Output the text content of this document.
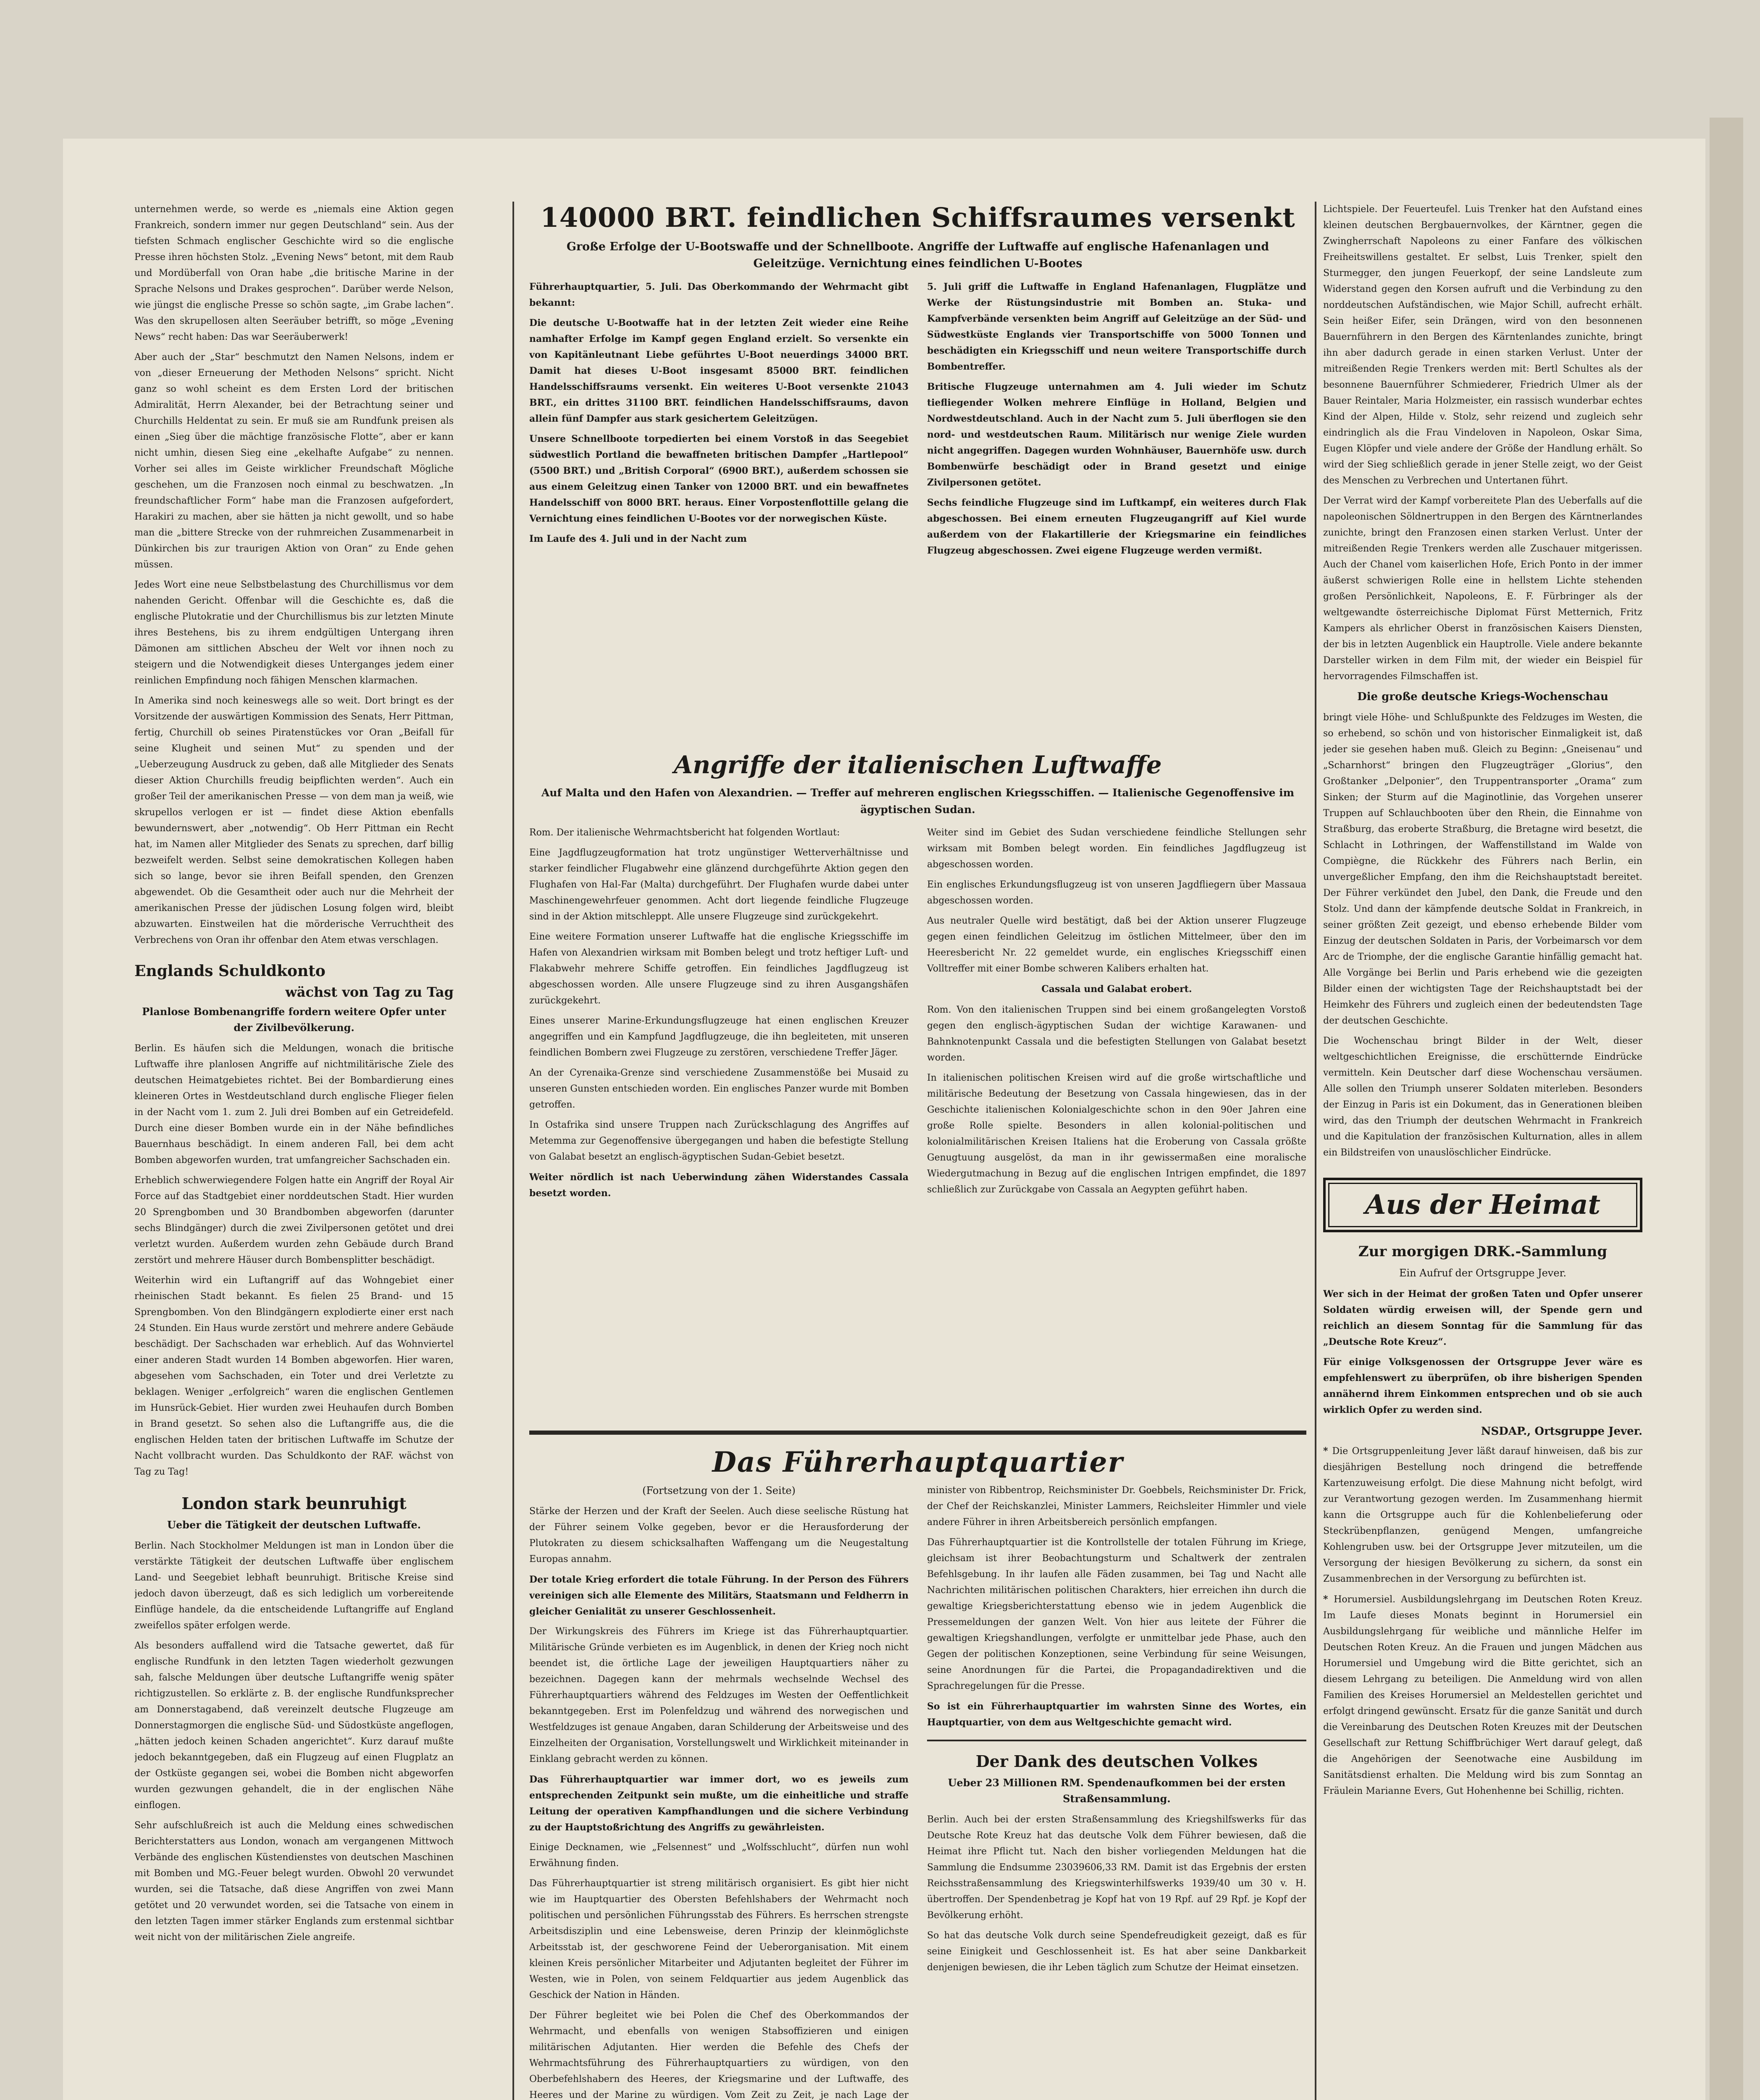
unternehmen werde, so werde es „niemals eine Aktion gegen Frankreich, sondern immer nur gegen Deutschland“ sein. Aus der tiefsten Schmach englischer Geschichte wird so die englische Presse ihren höchsten Stolz. „Evening News“ betont, mit dem Raub und Mordüberfall von Oran habe „die britische Marine in der Sprache Nelsons und Drakes gesprochen“. Darüber werde Nelson, wie jüngst die englische Presse so schön sagte, „im Grabe lachen“. Was den skrupellosen alten Seeräuber betrifft, so möge „Evening News“ recht haben: Das war Seeräuberwerk!

Aber auch der „Star“ beschmutzt den Namen Nelsons, indem er von „dieser Erneuerung der Methoden Nelsons“ spricht. Nicht ganz so wohl scheint es dem Ersten Lord der britischen Admiralität, Herrn Alexander, bei der Betrachtung seiner und Churchills Heldentat zu sein. Er muß sie am Rundfunk preisen als einen „Sieg über die mächtige französische Flotte“, aber er kann nicht umhin, diesen Sieg eine „ekelhafte Aufgabe“ zu nennen. Vorher sei alles im Geiste wirklicher Freundschaft Mögliche geschehen, um die Franzosen noch einmal zu beschwatzen. „In freundschaftlicher Form“ habe man die Franzosen aufgefordert, Harakiri zu machen, aber sie hätten ja nicht gewollt, und so habe man die „bittere Strecke von der ruhmreichen Zusammenarbeit in Dünkirchen bis zur traurigen Aktion von Oran“ zu Ende gehen müssen.

Jedes Wort eine neue Selbstbelastung des Churchillismus vor dem nahenden Gericht. Offenbar will die Geschichte es, daß die englische Plutokratie und der Churchillismus bis zur letzten Minute ihres Bestehens, bis zu ihrem endgültigen Untergang ihren Dämonen am sittlichen Abscheu der Welt vor ihnen noch zu steigern und die Notwendigkeit dieses Unterganges jedem einer reinlichen Empfindung noch fähigen Menschen klarmachen.

In Amerika sind noch keineswegs alle so weit. Dort bringt es der Vorsitzende der auswärtigen Kommission des Senats, Herr Pittman, fertig, Churchill ob seines Piratenstückes vor Oran „Beifall für seine Klugheit und seinen Mut“ zu spenden und der „Ueberzeugung Ausdruck zu geben, daß alle Mitglieder des Senats dieser Aktion Churchills freudig beipflichten werden“. Auch ein großer Teil der amerikanischen Presse — von dem man ja weiß, wie skrupellos verlogen er ist — findet diese Aktion ebenfalls bewundernswert, aber „notwendig“. Ob Herr Pittman ein Recht hat, im Namen aller Mitglieder des Senats zu sprechen, darf billig bezweifelt werden. Selbst seine demokratischen Kollegen haben sich so lange, bevor sie ihren Beifall spenden, den Grenzen abgewendet. Ob die Gesamtheit oder auch nur die Mehrheit der amerikanischen Presse der jüdischen Losung folgen wird, bleibt abzuwarten. Einstweilen hat die mörderische Verruchtheit des Verbrechens von Oran ihr offenbar den Atem etwas verschlagen.

Englands Schuldkonto
wächst von Tag zu Tag
Planlose Bombenangriffe fordern weitere Opfer unter der Zivilbevölkerung.

Berlin. Es häufen sich die Meldungen, wonach die britische Luftwaffe ihre planlosen Angriffe auf nichtmilitärische Ziele des deutschen Heimatgebietes richtet. Bei der Bombardierung eines kleineren Ortes in Westdeutschland durch englische Flieger fielen in der Nacht vom 1. zum 2. Juli drei Bomben auf ein Getreidefeld. Durch eine dieser Bomben wurde ein in der Nähe befindliches Bauernhaus beschädigt. In einem anderen Fall, bei dem acht Bomben abgeworfen wurden, trat umfangreicher Sachschaden ein.

Erheblich schwerwiegendere Folgen hatte ein Angriff der Royal Air Force auf das Stadtgebiet einer norddeutschen Stadt. Hier wurden 20 Sprengbomben und 30 Brandbomben abgeworfen (darunter sechs Blindgänger) durch die zwei Zivilpersonen getötet und drei verletzt wurden. Außerdem wurden zehn Gebäude durch Brand zerstört und mehrere Häuser durch Bombensplitter beschädigt.

Weiterhin wird ein Luftangriff auf das Wohngebiet einer rheinischen Stadt bekannt. Es fielen 25 Brand- und 15 Sprengbomben. Von den Blindgängern explodierte einer erst nach 24 Stunden. Ein Haus wurde zerstört und mehrere andere Gebäude beschädigt. Der Sachschaden war erheblich. Auf das Wohnviertel einer anderen Stadt wurden 14 Bomben abgeworfen. Hier waren, abgesehen vom Sachschaden, ein Toter und drei Verletzte zu beklagen. Weniger „erfolgreich“ waren die englischen Gentlemen im Hunsrück-Gebiet. Hier wurden zwei Heuhaufen durch Bomben in Brand gesetzt. So sehen also die Luftangriffe aus, die die englischen Helden taten der britischen Luftwaffe im Schutze der Nacht vollbracht wurden. Das Schuldkonto der RAF. wächst von Tag zu Tag!

London stark beunruhigt
Ueber die Tätigkeit der deutschen Luftwaffe.

Berlin. Nach Stockholmer Meldungen ist man in London über die verstärkte Tätigkeit der deutschen Luftwaffe über englischem Land- und Seegebiet lebhaft beunruhigt. Britische Kreise sind jedoch davon überzeugt, daß es sich lediglich um vorbereitende Einflüge handele, da die entscheidende Luftangriffe auf England zweifellos später erfolgen werde.

Als besonders auffallend wird die Tatsache gewertet, daß für englische Rundfunk in den letzten Tagen wiederholt gezwungen sah, falsche Meldungen über deutsche Luftangriffe wenig später richtigzustellen. So erklärte z. B. der englische Rundfunksprecher am Donnerstagabend, daß vereinzelt deutsche Flugzeuge am Donnerstagmorgen die englische Süd- und Südostküste angeflogen, „hätten jedoch keinen Schaden angerichtet“. Kurz darauf mußte jedoch bekanntgegeben, daß ein Flugzeug auf einen Flugplatz an der Ostküste gegangen sei, wobei die Bomben nicht abgeworfen wurden gezwungen gehandelt, die in der englischen Nähe einflogen.

Sehr aufschlußreich ist auch die Meldung eines schwedischen Berichterstatters aus London, wonach am vergangenen Mittwoch Verbände des englischen Küstendienstes von deutschen Maschinen mit Bomben und MG.-Feuer belegt wurden. Obwohl 20 verwundet wurden, sei die Tatsache, daß diese Angriffen von zwei Mann getötet und 20 verwundet worden, sei die Tatsache von einem in den letzten Tagen immer stärker Englands zum erstenmal sichtbar weit nicht von der militärischen Ziele angreife.

140000 BRT. feindlichen Schiffsraumes versenkt
Große Erfolge der U-Bootswaffe und der Schnellboote. Angriffe der Luftwaffe auf englische Hafenanlagen und Geleitzüge. Vernichtung eines feindlichen U-Bootes

Führerhauptquartier, 5. Juli. Das Oberkommando der Wehrmacht gibt bekannt:

Die deutsche U-Bootwaffe hat in der letzten Zeit wieder eine Reihe namhafter Erfolge im Kampf gegen England erzielt. So versenkte ein von Kapitänleutnant Liebe geführtes U-Boot neuerdings 34000 BRT. Damit hat dieses U-Boot insgesamt 85000 BRT. feindlichen Handelsschiffsraums versenkt. Ein weiteres U-Boot versenkte 21043 BRT., ein drittes 31100 BRT. feindlichen Handelsschiffsraums, davon allein fünf Dampfer aus stark gesichertem Geleitzügen.

Unsere Schnellboote torpedierten bei einem Vorstoß in das Seegebiet südwestlich Portland die bewaffneten britischen Dampfer „Hartlepool“ (5500 BRT.) und „British Corporal“ (6900 BRT.), außerdem schossen sie aus einem Geleitzug einen Tanker von 12000 BRT. und ein bewaffnetes Handelsschiff von 8000 BRT. heraus. Einer Vorpostenflottille gelang die Vernichtung eines feindlichen U-Bootes vor der norwegischen Küste.

Im Laufe des 4. Juli und in der Nacht zum

5. Juli griff die Luftwaffe in England Hafenanlagen, Flugplätze und Werke der Rüstungsindustrie mit Bomben an. Stuka- und Kampfverbände versenkten beim Angriff auf Geleitzüge an der Süd- und Südwestküste Englands vier Transportschiffe von 5000 Tonnen und beschädigten ein Kriegsschiff und neun weitere Transportschiffe durch Bombentreffer.

Britische Flugzeuge unternahmen am 4. Juli wieder im Schutz tiefliegender Wolken mehrere Einflüge in Holland, Belgien und Nordwestdeutschland. Auch in der Nacht zum 5. Juli überflogen sie den nord- und westdeutschen Raum. Militärisch nur wenige Ziele wurden nicht angegriffen. Dagegen wurden Wohnhäuser, Bauernhöfe usw. durch Bombenwürfe beschädigt oder in Brand gesetzt und einige Zivilpersonen getötet.

Sechs feindliche Flugzeuge sind im Luftkampf, ein weiteres durch Flak abgeschossen. Bei einem erneuten Flugzeugangriff auf Kiel wurde außerdem von der Flakartillerie der Kriegsmarine ein feindliches Flugzeug abgeschossen. Zwei eigene Flugzeuge werden vermißt.

Angriffe der italienischen Luftwaffe
Auf Malta und den Hafen von Alexandrien. — Treffer auf mehreren englischen Kriegsschiffen. — Italienische Gegenoffensive im ägyptischen Sudan.

Rom. Der italienische Wehrmachtsbericht hat folgenden Wortlaut:

Eine Jagdflugzeugformation hat trotz ungünstiger Wetterverhältnisse und starker feindlicher Flugabwehr eine glänzend durchgeführte Aktion gegen den Flughafen von Hal-Far (Malta) durchgeführt. Der Flughafen wurde dabei unter Maschinengewehrfeuer genommen. Acht dort liegende feindliche Flugzeuge sind in der Aktion mitschleppt. Alle unsere Flugzeuge sind zurückgekehrt.

Eine weitere Formation unserer Luftwaffe hat die englische Kriegsschiffe im Hafen von Alexandrien wirksam mit Bomben belegt und trotz heftiger Luft- und Flakabwehr mehrere Schiffe getroffen. Ein feindliches Jagdflugzeug ist abgeschossen worden. Alle unsere Flugzeuge sind zu ihren Ausgangshäfen zurückgekehrt.

Eines unserer Marine-Erkundungsflugzeuge hat einen englischen Kreuzer angegriffen und ein Kampfund Jagdflugzeuge, die ihn begleiteten, mit unseren feindlichen Bombern zwei Flugzeuge zu zerstören, verschiedene Treffer Jäger.

An der Cyrenaika-Grenze sind verschiedene Zusammenstöße bei Musaid zu unseren Gunsten entschieden worden. Ein englisches Panzer wurde mit Bomben getroffen.

In Ostafrika sind unsere Truppen nach Zurückschlagung des Angriffes auf Metemma zur Gegenoffensive übergegangen und haben die befestigte Stellung von Galabat besetzt an englisch-ägyptischen Sudan-Gebiet besetzt.

Weiter nördlich ist nach Ueberwindung zähen Widerstandes Cassala besetzt worden.

Weiter sind im Gebiet des Sudan verschiedene feindliche Stellungen sehr wirksam mit Bomben belegt worden. Ein feindliches Jagdflugzeug ist abgeschossen worden.

Ein englisches Erkundungsflugzeug ist von unseren Jagdfliegern über Massaua abgeschossen worden.

Aus neutraler Quelle wird bestätigt, daß bei der Aktion unserer Flugzeuge gegen einen feindlichen Geleitzug im östlichen Mittelmeer, über den im Heeresbericht Nr. 22 gemeldet wurde, ein englisches Kriegsschiff einen Volltreffer mit einer Bombe schweren Kalibers erhalten hat.

Cassala und Galabat erobert.

Rom. Von den italienischen Truppen sind bei einem großangelegten Vorstoß gegen den englisch-ägyptischen Sudan der wichtige Karawanen- und Bahnknotenpunkt Cassala und die befestigten Stellungen von Galabat besetzt worden.

In italienischen politischen Kreisen wird auf die große wirtschaftliche und militärische Bedeutung der Besetzung von Cassala hingewiesen, das in der Geschichte italienischen Kolonialgeschichte schon in den 90er Jahren eine große Rolle spielte. Besonders in allen kolonial-politischen und kolonialmilitärischen Kreisen Italiens hat die Eroberung von Cassala größte Genugtuung ausgelöst, da man in ihr gewissermaßen eine moralische Wiedergutmachung in Bezug auf die englischen Intrigen empfindet, die 1897 schließlich zur Zurückgabe von Cassala an Aegypten geführt haben.

Das Führerhauptquartier
(Fortsetzung von der 1. Seite)

Stärke der Herzen und der Kraft der Seelen. Auch diese seelische Rüstung hat der Führer seinem Volke gegeben, bevor er die Herausforderung der Plutokraten zu diesem schicksalhaften Waffengang um die Neugestaltung Europas annahm.

Der totale Krieg erfordert die totale Führung. In der Person des Führers vereinigen sich alle Elemente des Militärs, Staatsmann und Feldherrn in gleicher Genialität zu unserer Geschlossenheit.

Der Wirkungskreis des Führers im Kriege ist das Führerhauptquartier. Militärische Gründe verbieten es im Augenblick, in denen der Krieg noch nicht beendet ist, die örtliche Lage der jeweiligen Hauptquartiers näher zu bezeichnen. Dagegen kann der mehrmals wechselnde Wechsel des Führerhauptquartiers während des Feldzuges im Westen der Oeffentlichkeit bekanntgegeben. Erst im Polenfeldzug und während des norwegischen und Westfeldzuges ist genaue Angaben, daran Schilderung der Arbeitsweise und des Einzelheiten der Organisation, Vorstellungswelt und Wirklichkeit miteinander in Einklang gebracht werden zu können.

Das Führerhauptquartier war immer dort, wo es jeweils zum entsprechenden Zeitpunkt sein mußte, um die einheitliche und straffe Leitung der operativen Kampfhandlungen und die sichere Verbindung zu der Hauptstoßrichtung des Angriffs zu gewährleisten.

Einige Decknamen, wie „Felsennest“ und „Wolfsschlucht“, dürfen nun wohl Erwähnung finden.

Das Führerhauptquartier ist streng militärisch organisiert. Es gibt hier nicht wie im Hauptquartier des Obersten Befehlshabers der Wehrmacht noch politischen und persönlichen Führungsstab des Führers. Es herrschen strengste Arbeitsdisziplin und eine Lebensweise, deren Prinzip der kleinmöglichste Arbeitsstab ist, der geschworene Feind der Ueberorganisation. Mit einem kleinen Kreis persönlicher Mitarbeiter und Adjutanten begleitet der Führer im Westen, wie in Polen, von seinem Feldquartier aus jedem Augenblick das Geschick der Nation in Händen.

Der Führer begleitet wie bei Polen die Chef des Oberkommandos der Wehrmacht, und ebenfalls von wenigen Stabsoffizieren und einigen militärischen Adjutanten. Hier werden die Befehle des Chefs der Wehrmachtsführung des Führerhauptquartiers zu würdigen, von den Oberbefehlshabern des Heeres, der Kriegsmarine und der Luftwaffe, des Heeres und der Marine zu würdigen. Vom Zeit zu Zeit, je nach Lage der

minister von Ribbentrop, Reichsminister Dr. Goebbels, Reichsminister Dr. Frick, der Chef der Reichskanzlei, Minister Lammers, Reichsleiter Himmler und viele andere Führer in ihren Arbeitsbereich persönlich empfangen.

Das Führerhauptquartier ist die Kontrollstelle der totalen Führung im Kriege, gleichsam ist ihrer Beobachtungsturm und Schaltwerk der zentralen Befehlsgebung. In ihr laufen alle Fäden zusammen, bei Tag und Nacht alle Nachrichten militärischen politischen Charakters, hier erreichen ihn durch die gewaltige Kriegsberichterstattung ebenso wie in jedem Augenblick die Pressemeldungen der ganzen Welt. Von hier aus leitete der Führer die gewaltigen Kriegshandlungen, verfolgte er unmittelbar jede Phase, auch den Gegen der politischen Konzeptionen, seine Verbindung für seine Weisungen, seine Anordnungen für die Partei, die Propagandadirektiven und die Sprachregelungen für die Presse.

So ist ein Führerhauptquartier im wahrsten Sinne des Wortes, ein Hauptquartier, von dem aus Weltgeschichte gemacht wird.

Der Dank des deutschen Volkes
Ueber 23 Millionen RM. Spendenaufkommen bei der ersten Straßensammlung.

Berlin. Auch bei der ersten Straßensammlung des Kriegshilfswerks für das Deutsche Rote Kreuz hat das deutsche Volk dem Führer bewiesen, daß die Heimat ihre Pflicht tut. Nach den bisher vorliegenden Meldungen hat die Sammlung die Endsumme 23039606,33 RM. Damit ist das Ergebnis der ersten Reichsstraßensammlung des Kriegswinterhilfswerks 1939/40 um 30 v. H. übertroffen. Der Spendenbetrag je Kopf hat von 19 Rpf. auf 29 Rpf. je Kopf der Bevölkerung erhöht.

So hat das deutsche Volk durch seine Spendefreudigkeit gezeigt, daß es für seine Einigkeit und Geschlossenheit ist. Es hat aber seine Dankbarkeit denjenigen bewiesen, die ihr Leben täglich zum Schutze der Heimat einsetzen.

Lichtspiele. Der Feuerteufel. Luis Trenker hat den Aufstand eines kleinen deutschen Bergbauernvolkes, der Kärntner, gegen die Zwingherrschaft Napoleons zu einer Fanfare des völkischen Freiheitswillens gestaltet. Er selbst, Luis Trenker, spielt den Sturmegger, den jungen Feuerkopf, der seine Landsleute zum Widerstand gegen den Korsen aufruft und die Verbindung zu den norddeutschen Aufständischen, wie Major Schill, aufrecht erhält. Sein heißer Eifer, sein Drängen, wird von den besonnenen Bauernführern in den Bergen des Kärntenlandes zunichte, bringt ihn aber dadurch gerade in einen starken Verlust. Unter der mitreißenden Regie Trenkers werden mit: Bertl Schultes als der besonnene Bauernführer Schmiederer, Friedrich Ulmer als der Bauer Reintaler, Maria Holzmeister, ein rassisch wunderbar echtes Kind der Alpen, Hilde v. Stolz, sehr reizend und zugleich sehr eindringlich als die Frau Vindeloven in Napoleon, Oskar Sima, Eugen Klöpfer und viele andere der Größe der Handlung erhält. So wird der Sieg schließlich gerade in jener Stelle zeigt, wo der Geist des Menschen zu Verbrechen und Untertanen führt.

Der Verrat wird der Kampf vorbereitete Plan des Ueberfalls auf die napoleonischen Söldnertruppen in den Bergen des Kärntnerlandes zunichte, bringt den Franzosen einen starken Verlust. Unter der mitreißenden Regie Trenkers werden alle Zuschauer mitgerissen. Auch der Chanel vom kaiserlichen Hofe, Erich Ponto in der immer äußerst schwierigen Rolle eine in hellstem Lichte stehenden großen Persönlichkeit, Napoleons, E. F. Fürbringer als der weltgewandte österreichische Diplomat Fürst Metternich, Fritz Kampers als ehrlicher Oberst in französischen Kaisers Diensten, der bis in letzten Augenblick ein Hauptrolle. Viele andere bekannte Darsteller wirken in dem Film mit, der wieder ein Beispiel für hervorragendes Filmschaffen ist.

Die große deutsche Kriegs-Wochenschau

bringt viele Höhe- und Schlußpunkte des Feldzuges im Westen, die so erhebend, so schön und von historischer Einmaligkeit ist, daß jeder sie gesehen haben muß. Gleich zu Beginn: „Gneisenau“ und „Scharnhorst“ bringen den Flugzeugträger „Glorius“, den Großtanker „Delponier“, den Truppentransporter „Orama“ zum Sinken; der Sturm auf die Maginotlinie, das Vorgehen unserer Truppen auf Schlauchbooten über den Rhein, die Einnahme von Straßburg, das eroberte Straßburg, die Bretagne wird besetzt, die Schlacht in Lothringen, der Waffenstillstand im Walde von Compiègne, die Rückkehr des Führers nach Berlin, ein unvergeßlicher Empfang, den ihm die Reichshauptstadt bereitet. Der Führer verkündet den Jubel, den Dank, die Freude und den Stolz. Und dann der kämpfende deutsche Soldat in Frankreich, in seiner größten Zeit gezeigt, und ebenso erhebende Bilder vom Einzug der deutschen Soldaten in Paris, der Vorbeimarsch vor dem Arc de Triomphe, der die englische Garantie hinfällig gemacht hat. Alle Vorgänge bei Berlin und Paris erhebend wie die gezeigten Bilder einen der wichtigsten Tage der Reichshauptstadt bei der Heimkehr des Führers und zugleich einen der bedeutendsten Tage der deutschen Geschichte.

Die Wochenschau bringt Bilder in der Welt, dieser weltgeschichtlichen Ereignisse, die erschütternde Eindrücke vermitteln. Kein Deutscher darf diese Wochenschau versäumen. Alle sollen den Triumph unserer Soldaten miterleben. Besonders der Einzug in Paris ist ein Dokument, das in Generationen bleiben wird, das den Triumph der deutschen Wehrmacht in Frankreich und die Kapitulation der französischen Kulturnation, alles in allem ein Bildstreifen von unauslöschlicher Eindrücke.

Aus der Heimat
Zur morgigen DRK.-Sammlung
Ein Aufruf der Ortsgruppe Jever.

Wer sich in der Heimat der großen Taten und Opfer unserer Soldaten würdig erweisen will, der Spende gern und reichlich an diesem Sonntag für die Sammlung für das „Deutsche Rote Kreuz“.

Für einige Volksgenossen der Ortsgruppe Jever wäre es empfehlenswert zu überprüfen, ob ihre bisherigen Spenden annähernd ihrem Einkommen entsprechen und ob sie auch wirklich Opfer zu werden sind.

NSDAP., Ortsgruppe Jever.

* Die Ortsgruppenleitung Jever läßt darauf hinweisen, daß bis zur diesjährigen Bestellung noch dringend die betreffende Kartenzuweisung erfolgt. Die diese Mahnung nicht befolgt, wird zur Verantwortung gezogen werden. Im Zusammenhang hiermit kann die Ortsgruppe auch für die Kohlenbelieferung oder Steckrübenpflanzen, genügend Mengen, umfangreiche Kohlengruben usw. bei der Ortsgruppe Jever mitzuteilen, um die Versorgung der hiesigen Bevölkerung zu sichern, da sonst ein Zusammenbrechen in der Versorgung zu befürchten ist.

* Horumersiel. Ausbildungslehrgang im Deutschen Roten Kreuz. Im Laufe dieses Monats beginnt in Horumersiel ein Ausbildungslehrgang für weibliche und männliche Helfer im Deutschen Roten Kreuz. An die Frauen und jungen Mädchen aus Horumersiel und Umgebung wird die Bitte gerichtet, sich an diesem Lehrgang zu beteiligen. Die Anmeldung wird von allen Familien des Kreises Horumersiel an Meldestellen gerichtet und erfolgt dringend gewünscht. Ersatz für die ganze Sanität und durch die Vereinbarung des Deutschen Roten Kreuzes mit der Deutschen Gesellschaft zur Rettung Schiffbrüchiger Wert darauf gelegt, daß die Angehörigen der Seenotwache eine Ausbildung im Sanitätsdienst erhalten. Die Meldung wird bis zum Sonntag an Fräulein Marianne Evers, Gut Hohenhenne bei Schillig, richten.
